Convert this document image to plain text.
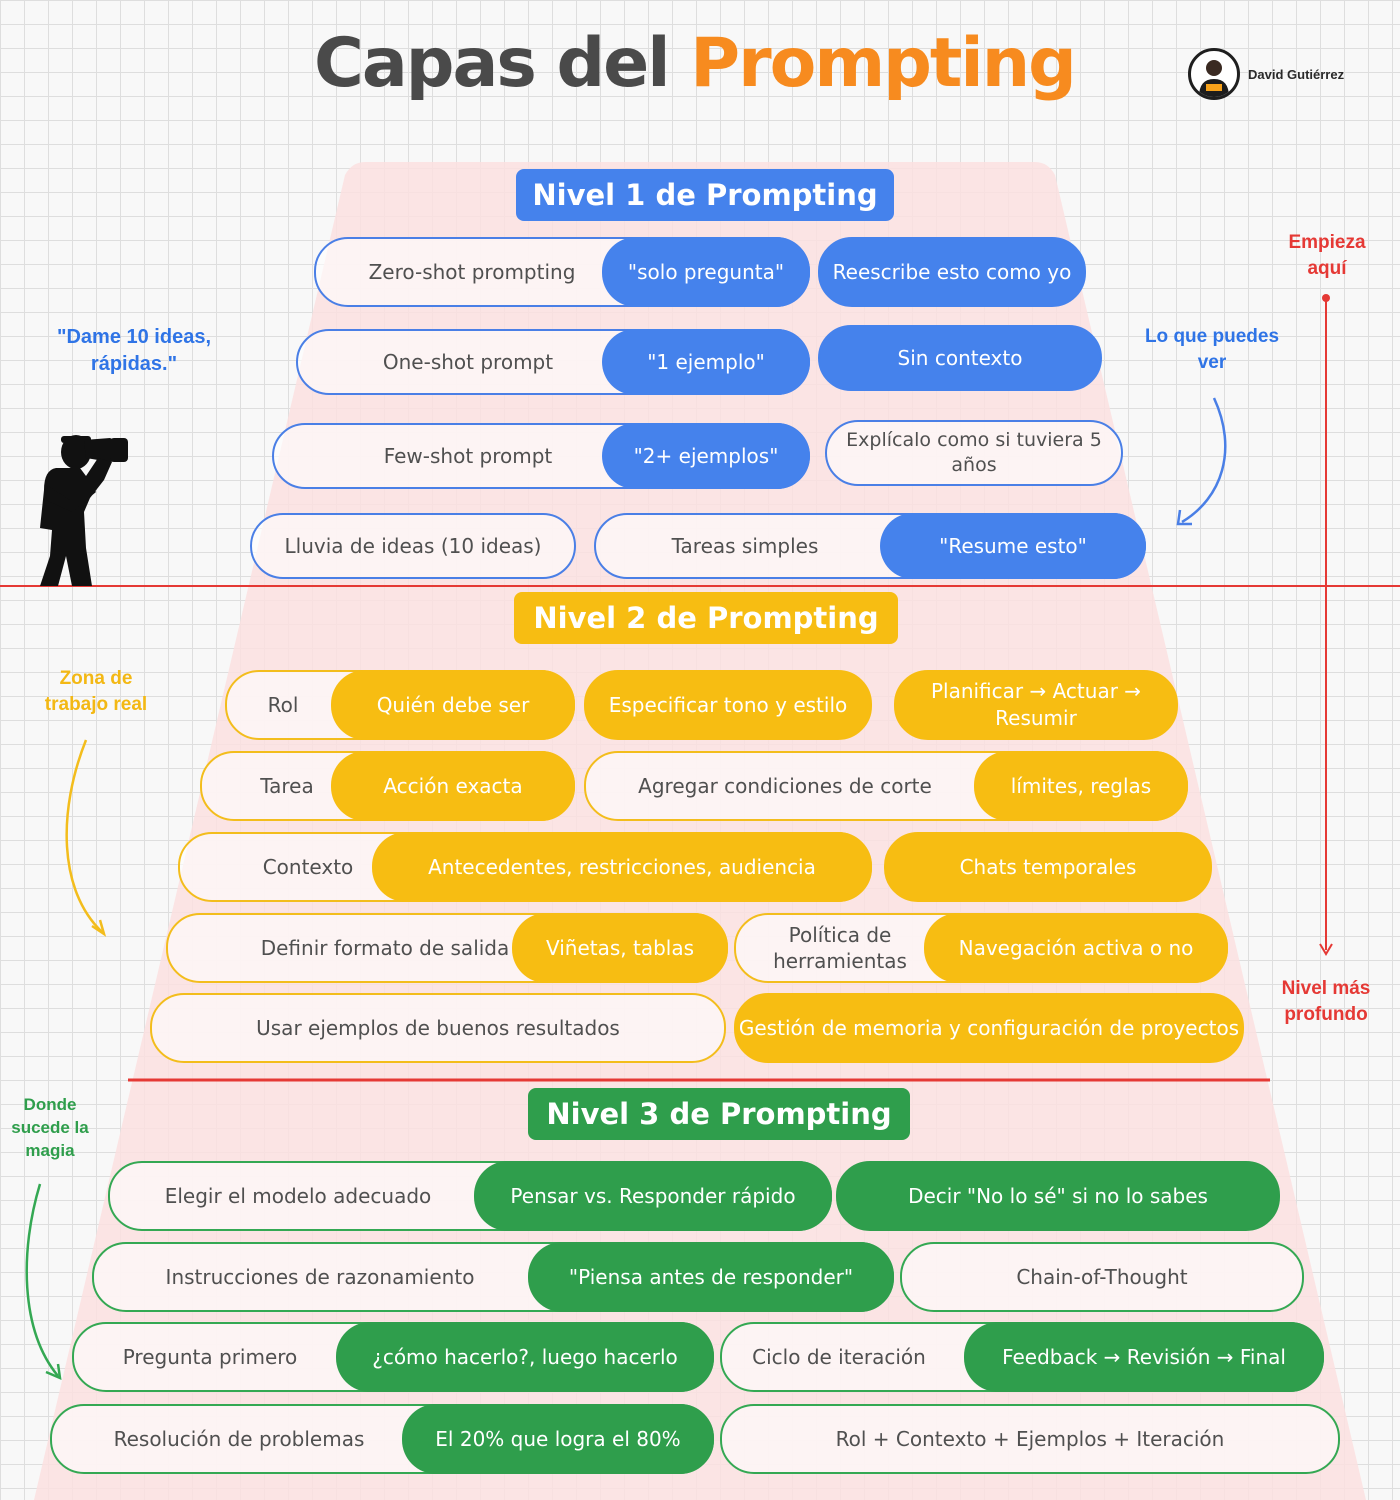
Capas del Prompting	David Gutiérrez
"Dame 10 ideas, rápidas."
Empieza aquí
Lo que puedes ver
Zona de trabajo real
Nivel más profundo
Donde sucede la magia
Nivel 1 de Prompting
Zero-shot prompting	"solo pregunta"	Reescribe esto como yo
One-shot prompt	"1 ejemplo"	Sin contexto
Few-shot prompt	"2+ ejemplos"
Explícalo como si tuviera 5 años
Lluvia de ideas (10 ideas)	Tareas simples	"Resume esto"
Nivel 2 de Prompting
Rol	Quién debe ser	Especificar tono y estilo
Planificar → Actuar → Resumir
Tarea	Acción exacta	Agregar condiciones de corte	límites, reglas
Contexto	Antecedentes, restricciones, audiencia	Chats temporales
Definir formato de salida	Viñetas, tablas
Política de herramientas
Navegación activa o no
Usar ejemplos de buenos resultados	Gestión de memoria y configuración de proyectos
Nivel 3 de Prompting
Elegir el modelo adecuado	Pensar vs. Responder rápido	Decir "No lo sé" si no lo sabes
Instrucciones de razonamiento	"Piensa antes de responder"	Chain-of-Thought
Pregunta primero	¿cómo hacerlo?, luego hacerlo	Ciclo de iteración	Feedback → Revisión → Final
Resolución de problemas	El 20% que logra el 80%	Rol + Contexto + Ejemplos + Iteración
